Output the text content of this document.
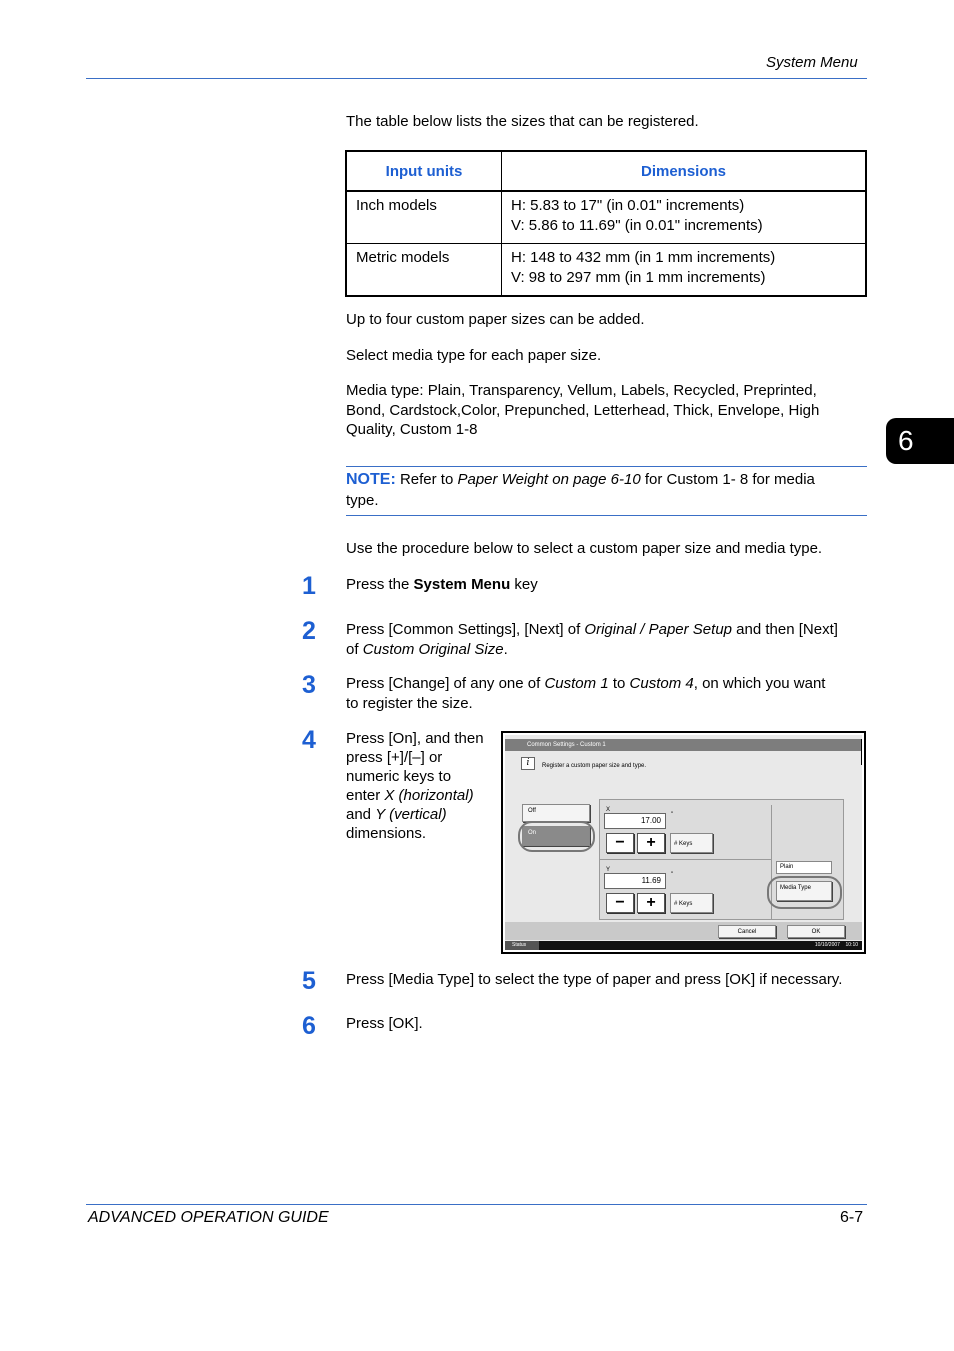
System Menu
6
The table below lists the sizes that can be registered.
Input units	Dimensions
Inch models	H: 5.83 to 17" (in 0.01" increments)
V: 5.86 to 11.69" (in 0.01" increments)

Metric models	H: 148 to 432 mm (in 1 mm increments)
V: 98 to 297 mm (in 1 mm increments)
Up to four custom paper sizes can be added.
Select media type for each paper size.
Media type: Plain, Transparency, Vellum, Labels, Recycled, Preprinted,
Bond, Cardstock,Color, Prepunched, Letterhead, Thick, Envelope, High
Quality, Custom 1-8
NOTE: Refer to Paper Weight on page 6-10 for Custom 1- 8 for media
type.
Use the procedure below to select a custom paper size and media type.
1 Press the System Menu key
2 Press [Common Settings], [Next] of Original / Paper Setup and then [Next]
of Custom Original Size.
3 Press [Change] of any one of Custom 1 to Custom 4, on which you want
to register the size.
4 Press [On], and then
press [+]/[–] or
numeric keys to
enter X (horizontal)
and Y (vertical)
dimensions.
Common Settings - Custom 1
i	Register a custom paper size and type.
Off
On
X
17.00
"
−	+	# Keys
Y
11.69
"
−	+	# Keys
Plain
Media Type
Cancel	OK
Status	10/10/2007    10:10
5 Press [Media Type] to select the type of paper and press [OK] if necessary.
6 Press [OK].
ADVANCED OPERATION GUIDE	6-7
